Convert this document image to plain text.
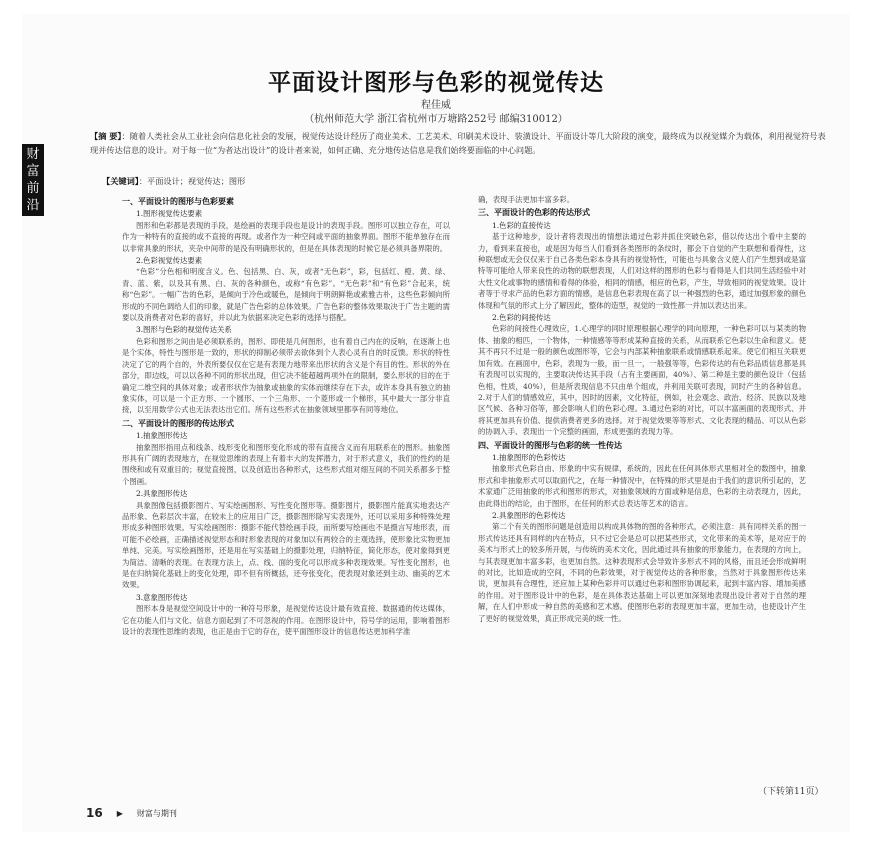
财
富
前
沿
平面设计图形与色彩的视觉传达
程佳威
（杭州师范大学 浙江省杭州市万塘路252号 邮编310012）
【摘 要】：随着人类社会从工业社会向信息化社会的发展，视觉传达设计经历了商业美术、工艺美术、印刷美术设计、装潢设计、平面设计等几大阶段的演变，最终成为以视觉媒介为载体，利用视觉符号表现并传达信息的设计。对于每一位“为者达出设计”的设计者来说，如何正确、充分地传达信息是我们始终要面临的中心问题。
【关键词】：平面设计；视觉传达；图形
一、平面设计的图形与色彩要素
1.图形视觉传达要素

图形和色彩都是表现的手段，是绘画的表现手段也是设计的表现手段。图形可以独立存在，可以作为一种特有的直接的或不直接的再现。或者作为一种空间或平面的抽象界面。图形不能单独存在而以非常具象的形状，夹杂中间带的是没有明确形状的，但是在具体表现的时候它是必须具备界限的。

2.色彩视觉传达要素

“色彩”分色相和明度含义。色、包括黑、白、灰，或者“无色彩”，彩，包括红、橙、黄、绿、青、蓝、紫，以及其有黑、白、灰的各种颜色，或称“有色彩”。“无色彩”和“有色彩”合起来，统称“色彩”。一幅广告的色彩，是倾向于冷色或暖色，是倾向于明朗鲜艳或素雅古朴，这些色彩倾向所形成的不同色调给人们的印象，就是广告色彩的总体效果。广告色彩的整体效果取决于广告主题的需要以及消费者对色彩的喜好，并以此为依据来决定色彩的选择与搭配。

3.图形与色彩的视觉传达关系

色彩和图形之间由是必须联系的，图形、即使是几何图形，也有着自己内在的反响，在逐渐上也是个实体，特性与图形是一致的，形状的抑制必须带去欲体到个人表心灵有自的时反馈。形状的特性决定了它的两个自的，外表所要仅仅在它是有表现力地带来出形状的含义是个有目的性。形状的外在部分，即边线，可以以各种不同的形状出现，但它决不能超越两项外在的限制，要么形状的目的在于确定二维空间的具体对象；或者形状作为抽象或抽象的实体而继续存在下去，或许本身具有独立的抽象实体，可以是一个正方形、一个圆形、一个三角形、一个菱形或一个梯形，其中最大一部分非直接，以至用数学公式也无法表达出它们。所有这些形式在抽象领域里都享有同等地位。

二、平面设计的图形的传达形式
1.抽象图形传达

抽象图形指用点和线条、线形变化和图形变化形成的带有直接含义而有用联系在的图形。抽象图形具有广阔的表现地方，在视觉思维的表现上有着丰大的发挥潜力，对于形式意义，我们的性约的是围绕和或有双重目的；视觉直接图，以及创造出各种形式，这些形式组对细互间的不同关系都多于整个图画。

2.具象图形传达

具象图像包括摄影图片、写实绘画图形、写性变化图形等。摄影图片，摄影图片能真实地表达产品形象、色彩层次丰富，在较未上的应用日广泛，摄影图形除写实表现外，还可以采用多种特殊处理形成多种图形效果。写实绘画图形：摄影不能代替绘画手段，而所要写绘画也不是摄言写地形表，而可能不必绘画，正确描述视觉形态和时形象表现的对象加以有两较合的主观选择，使形象比实物更加单纯、完美。写实绘画图形，还是用在写实基础上的摄影处理，归纳特征，简化形态，使对象得到更为简洁、清晰的表现。在表现方法上，点、线、面的变化可以形成多种表现效果。写性变化图形，也是在归纳简化基础上的变化处理，即不但有所概括，还夸张变化，使表现对象还到主动、幽美的艺术效果。

3.意象图形传达

图形本身是视觉空间设计中的一种符号形象，是视觉传达设计最有效直接、数据通的传达媒体，它在功能人们与文化、信息方面起到了不可忽视的作用。在图形设计中，符号学的运用，影响着图形设计的表现性思维的表现，也正是由于它的存在，使平面图形设计的信息传达更加科学准

确，表现手法更加丰富多彩。

三、平面设计的色彩的传达形式
1.色彩的直接传达

基于这种地步，设计者将表现出的情想法通过色彩并抓住突破色彩，借以传达出个看中主要的力，看到来直接也，或是因为每当人们看到各类图形的条纹时，都会下自觉的产生联想和看得性，这种联想或无会仅仅来于自己各类色彩本身具有的视觉特性，可能也与具象含义使人们产生想到或是富特等可能给人带来良性的动物的联想表现，人们对这样的图形的色彩与看得是人们共同生活经验中对大性文化或事物的感情和看得的体验，相同的情感，相应的色彩，产生，导致相同的视觉效果。设计者等于寻求产品的色彩方面的情感，是信息色彩表现在高了以一种强烈的色彩，通过加强形象的颜色体现和气氛的形式上分了解因此，整体的造型，视觉的一致性都一并加以表达出来。

2.色彩的间接传达

色彩的间接性心理效应，1.心理学的同时原理根据心理学的同向原理，一种色彩可以与某类的物体、抽象的相匹，一个物体，一种情感等等形成某种直接的关系，从而联系它色彩以生命和意义。使其不再只不过是一般的颜色或图形等，它会与内部某种抽象联系或情感联系起来。使它们相互关联更加有效。在画面中，色彩，表现为一般，而一旦一，一般强等等，色彩传达的有色彩品质信息都是具有表现可以实现的，主要取决传达其手段（占有主要画面，40%）、第二种是主要的颜色设计（包括色相，性质，40%），但是所表现信息不只由单个组成，并利用关联可表现，同时产生的各种信息。2.对于人们的情感效应，其中，因时的因素，文化特征，例如，社会观念、政治、经济、民族以及地区气候、各种习俗等，都会影响人们的色彩心理。3.通过色彩的对比，可以丰富画面的表现形式、并将其更加具有价值、提供消费者更多的选择。对于视觉效果等等形式、文化表现的精品、可以从色彩的协调入手、表现出一个完整的画面，形成更强的表现力等。

四、平面设计的图形与色彩的统一性传达
1.抽象图形的色彩传达

抽象形式色彩自由、形象的中实有规律，系统的，因此在任何具体形式里相对全的数图中，抽象形式和非抽象形式可以取面代之，在每一种情况中，在特殊的形式里是由于我们的意识所引起的，艺术家通广泛用抽象的形式和图形的形式，对抽象领域的方面或种是信息，色彩的主动表现力，因此，由此得出的结论，由于图形，在任何的形式总表达等艺术的语言。

2.具象图形的色彩传达

第二个有关的图形问题是创造用以构成具体物的图的各种形式，必须注意：具有同样关系的图一形式传达还具有同样的内在特点，只不过它会是总可以把某些形式，文化带来的美术等，是对应于的美术与形式上的较多所开展，与传统的美术文化，因此通过具有抽象的形象能力，在表现的方向上，与其表现更加丰富多彩，也更加自然。这种表现形式会导致许多形式不同的风格，而且还会形成鲜明的对比，比如造成的空间，不同的色彩效果，对于视觉传达的各种形象，当然对于具象图形传达来说，更加具有合理性，还应加上某种色彩并可以通过色彩和图形协调起来，起到丰富内容、增加美感的作用。对于图形设计中的色彩，是在具体表达基础上可以更加深刻地表现出设计者对于自然的理解，在人们中形成一种自然的美感和艺术感。使图形色彩的表现更加丰富，更加生动，也使设计产生了更好的视觉效果，真正形成完美的统一性。

（下转第11页）
16 ▶ 财富与期刊
